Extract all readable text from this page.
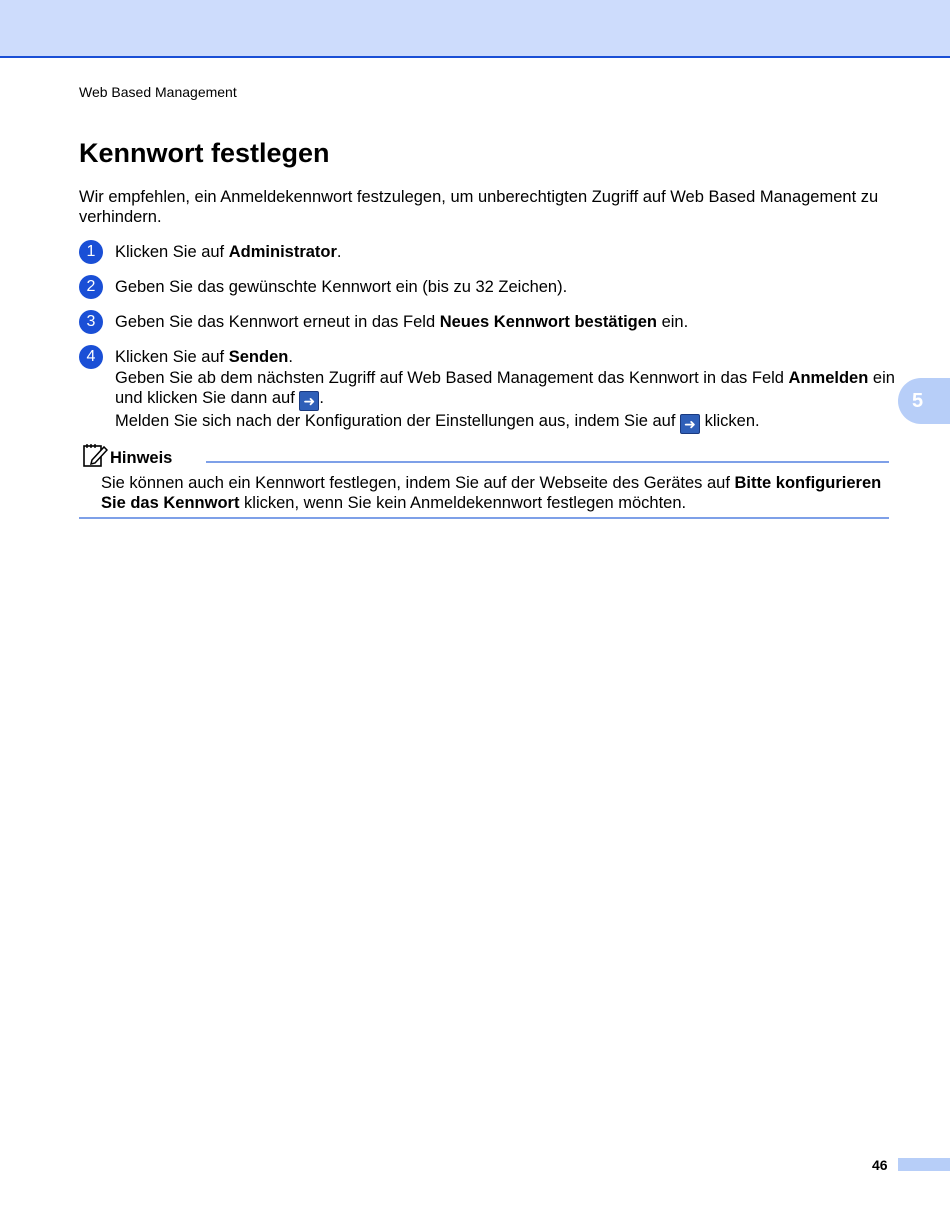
Web Based Management
Kennwort festlegen

Wir empfehlen, ein Anmeldekennwort festzulegen, um unberechtigten Zugriff auf Web Based Management zu verhindern.

1	Klicken Sie auf Administrator.

2	Geben Sie das gewünschte Kennwort ein (bis zu 32 Zeichen).

3	Geben Sie das Kennwort erneut in das Feld Neues Kennwort bestätigen ein.

4	Klicken Sie auf Senden.
Geben Sie ab dem nächsten Zugriff auf Web Based Management das Kennwort in das Feld Anmelden ein und klicken Sie dann auf ➜ .
Melden Sie sich nach der Konfiguration der Einstellungen aus, indem Sie auf ➜ klicken.

Hinweis

Sie können auch ein Kennwort festlegen, indem Sie auf der Webseite des Gerätes auf Bitte konfigurieren Sie das Kennwort klicken, wenn Sie kein Anmeldekennwort festlegen möchten.

5
46
